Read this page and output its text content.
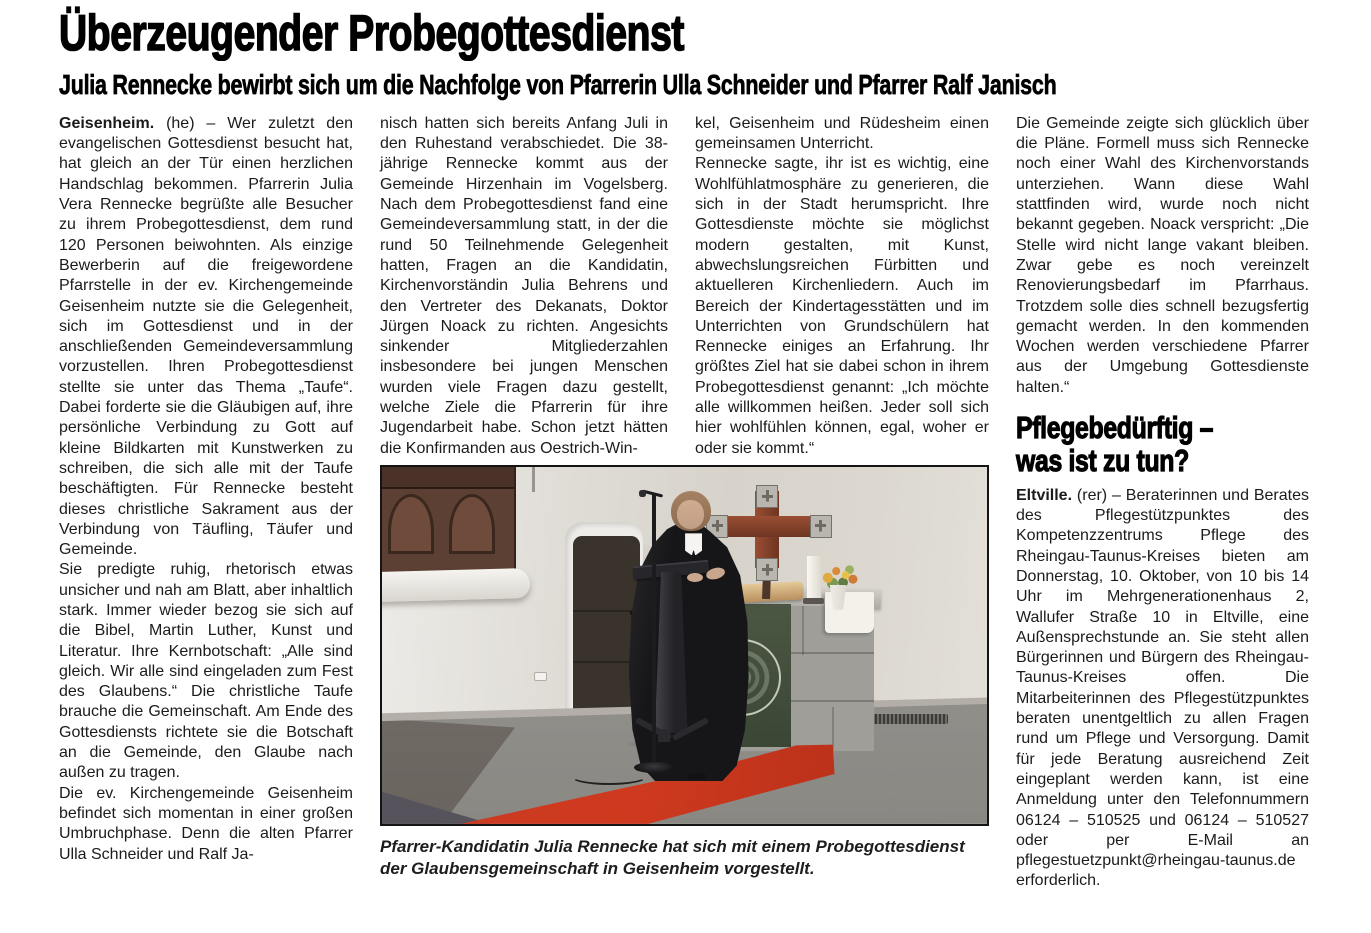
Überzeugender Probegottesdienst
Julia Rennecke bewirbt sich um die Nachfolge von Pfarrerin Ulla Schneider und Pfarrer Ralf Janisch

Geisenheim. (he) – Wer zuletzt den evangelischen Gottesdienst besucht hat, hat gleich an der Tür einen herzlichen Handschlag bekommen. Pfarrerin Julia Vera Rennecke begrüßte alle Besucher zu ihrem Probegottesdienst, dem rund 120 Personen beiwohnten. Als einzige Bewerberin auf die freigewordene Pfarrstelle in der ev. Kirchengemeinde Geisenheim nutzte sie die Gelegenheit, sich im Gottesdienst und in der anschließenden Gemeindeversammlung vorzustellen. Ihren Probegottesdienst stellte sie unter das Thema „Taufe“. Dabei forderte sie die Gläubigen auf, ihre persönliche Verbindung zu Gott auf kleine Bildkarten mit Kunstwerken zu schreiben, die sich alle mit der Taufe beschäftigten. Für Rennecke besteht dieses christliche Sakrament aus der Verbindung von Täufling, Täufer und Gemeinde.

Sie predigte ruhig, rhetorisch etwas unsicher und nah am Blatt, aber inhaltlich stark. Immer wieder bezog sie sich auf die Bibel, Martin Luther, Kunst und Literatur. Ihre Kernbotschaft: „Alle sind gleich. Wir alle sind eingeladen zum Fest des Glaubens.“ Die christliche Taufe brauche die Gemeinschaft. Am Ende des Gottesdiensts richtete sie die Botschaft an die Gemeinde, den Glaube nach außen zu tragen.

Die ev. Kirchengemeinde Geisenheim befindet sich momentan in einer großen Umbruchphase. Denn die alten Pfarrer Ulla Schneider und Ralf Ja-

nisch hatten sich bereits Anfang Juli in den Ruhestand verabschiedet. Die 38-jährige Rennecke kommt aus der Gemeinde Hirzenhain im Vogelsberg. Nach dem Probegottesdienst fand eine Gemeindeversammlung statt, in der die rund 50 Teilnehmende Gelegenheit hatten, Fragen an die Kandidatin, Kirchenvorständin Julia Behrens und den Vertreter des Dekanats, Doktor Jürgen Noack zu richten. Angesichts sinkender Mitgliederzahlen insbesondere bei jungen Menschen wurden viele Fragen dazu gestellt, welche Ziele die Pfarrerin für ihre Jugendarbeit habe. Schon jetzt hätten die Konfirmanden aus Oestrich-Win-

kel, Geisenheim und Rüdesheim einen gemeinsamen Unterricht.

Rennecke sagte, ihr ist es wichtig, eine Wohlfühlatmosphäre zu generieren, die sich in der Stadt herumspricht. Ihre Gottesdienste möchte sie möglichst modern gestalten, mit Kunst, abwechslungsreichen Fürbitten und aktuelleren Kirchenliedern. Auch im Bereich der Kindertagesstätten und im Unterrichten von Grundschülern hat Rennecke einiges an Erfahrung. Ihr größtes Ziel hat sie dabei schon in ihrem Probegottesdienst genannt: „Ich möchte alle willkommen heißen. Jeder soll sich hier wohlfühlen können, egal, woher er oder sie kommt.“

Pfarrer-Kandidatin Julia Rennecke hat sich mit einem Probegottesdienst der Glaubensgemeinschaft in Geisenheim vorgestellt.

Die Gemeinde zeigte sich glücklich über die Pläne. Formell muss sich Rennecke noch einer Wahl des Kirchenvorstands unterziehen. Wann diese Wahl stattfinden wird, wurde noch nicht bekannt gegeben. Noack verspricht: „Die Stelle wird nicht lange vakant bleiben. Zwar gebe es noch vereinzelt Renovierungsbedarf im Pfarrhaus. Trotzdem solle dies schnell bezugsfertig gemacht werden. In den kommenden Wochen werden verschiedene Pfarrer aus der Umgebung Gottesdienste halten.“

Pflegebedürftig –
was ist zu tun?

Eltville. (rer) – Beraterinnen und Berates des Pflegestützpunktes des Kompetenzzentrums Pflege des Rheingau-Taunus-Kreises bieten am Donnerstag, 10. Oktober, von 10 bis 14 Uhr im Mehrgenerationenhaus 2, Wallufer Straße 10 in Eltville, eine Außensprechstunde an. Sie steht allen Bürgerinnen und Bürgern des Rheingau-Taunus-Kreises offen. Die Mitarbeiterinnen des Pflegestützpunktes beraten unentgeltlich zu allen Fragen rund um Pflege und Versorgung. Damit für jede Beratung ausreichend Zeit eingeplant werden kann, ist eine Anmeldung unter den Telefonnummern 06124 – 510525 und 06124 – 510527 oder per E-Mail an pflegestuetzpunkt@rheingau-taunus.de erforderlich.
